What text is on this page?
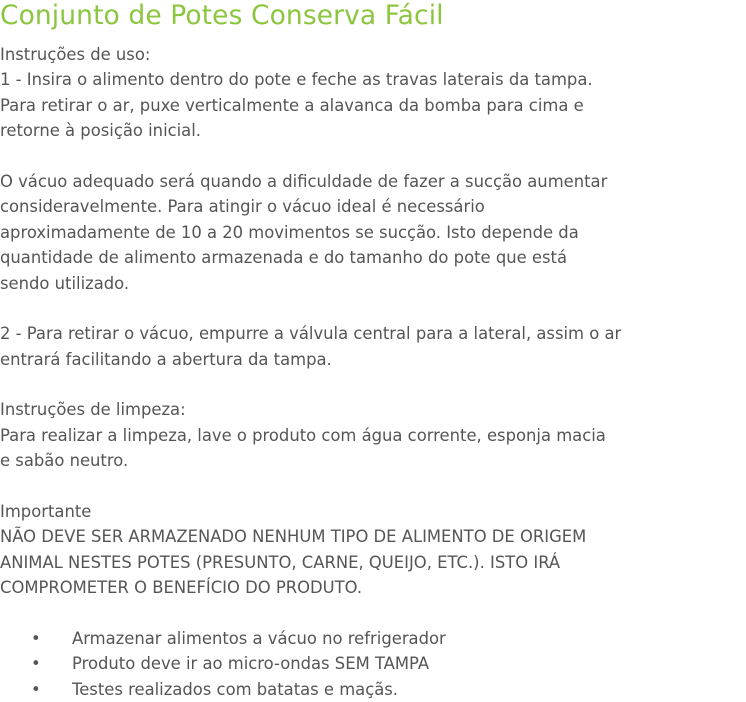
Conjunto de Potes Conserva Fácil
Instruções de uso:
1 - Insira o alimento dentro do pote e feche as travas laterais da tampa.
Para retirar o ar, puxe verticalmente a alavanca da bomba para cima e
retorne à posição inicial.
O vácuo adequado será quando a dificuldade de fazer a sucção aumentar
consideravelmente. Para atingir o vácuo ideal é necessário
aproximadamente de 10 a 20 movimentos se sucção. Isto depende da
quantidade de alimento armazenada e do tamanho do pote que está
sendo utilizado.
2 - Para retirar o vácuo, empurre a válvula central para a lateral, assim o ar
entrará facilitando a abertura da tampa.
Instruções de limpeza:
Para realizar a limpeza, lave o produto com água corrente, esponja macia
e sabão neutro.
Importante
NÃO DEVE SER ARMAZENADO NENHUM TIPO DE ALIMENTO DE ORIGEM
ANIMAL NESTES POTES (PRESUNTO, CARNE, QUEIJO, ETC.). ISTO IRÁ
COMPROMETER O BENEFÍCIO DO PRODUTO.
• Armazenar alimentos a vácuo no refrigerador
• Produto deve ir ao micro-ondas SEM TAMPA
• Testes realizados com batatas e maçãs.
